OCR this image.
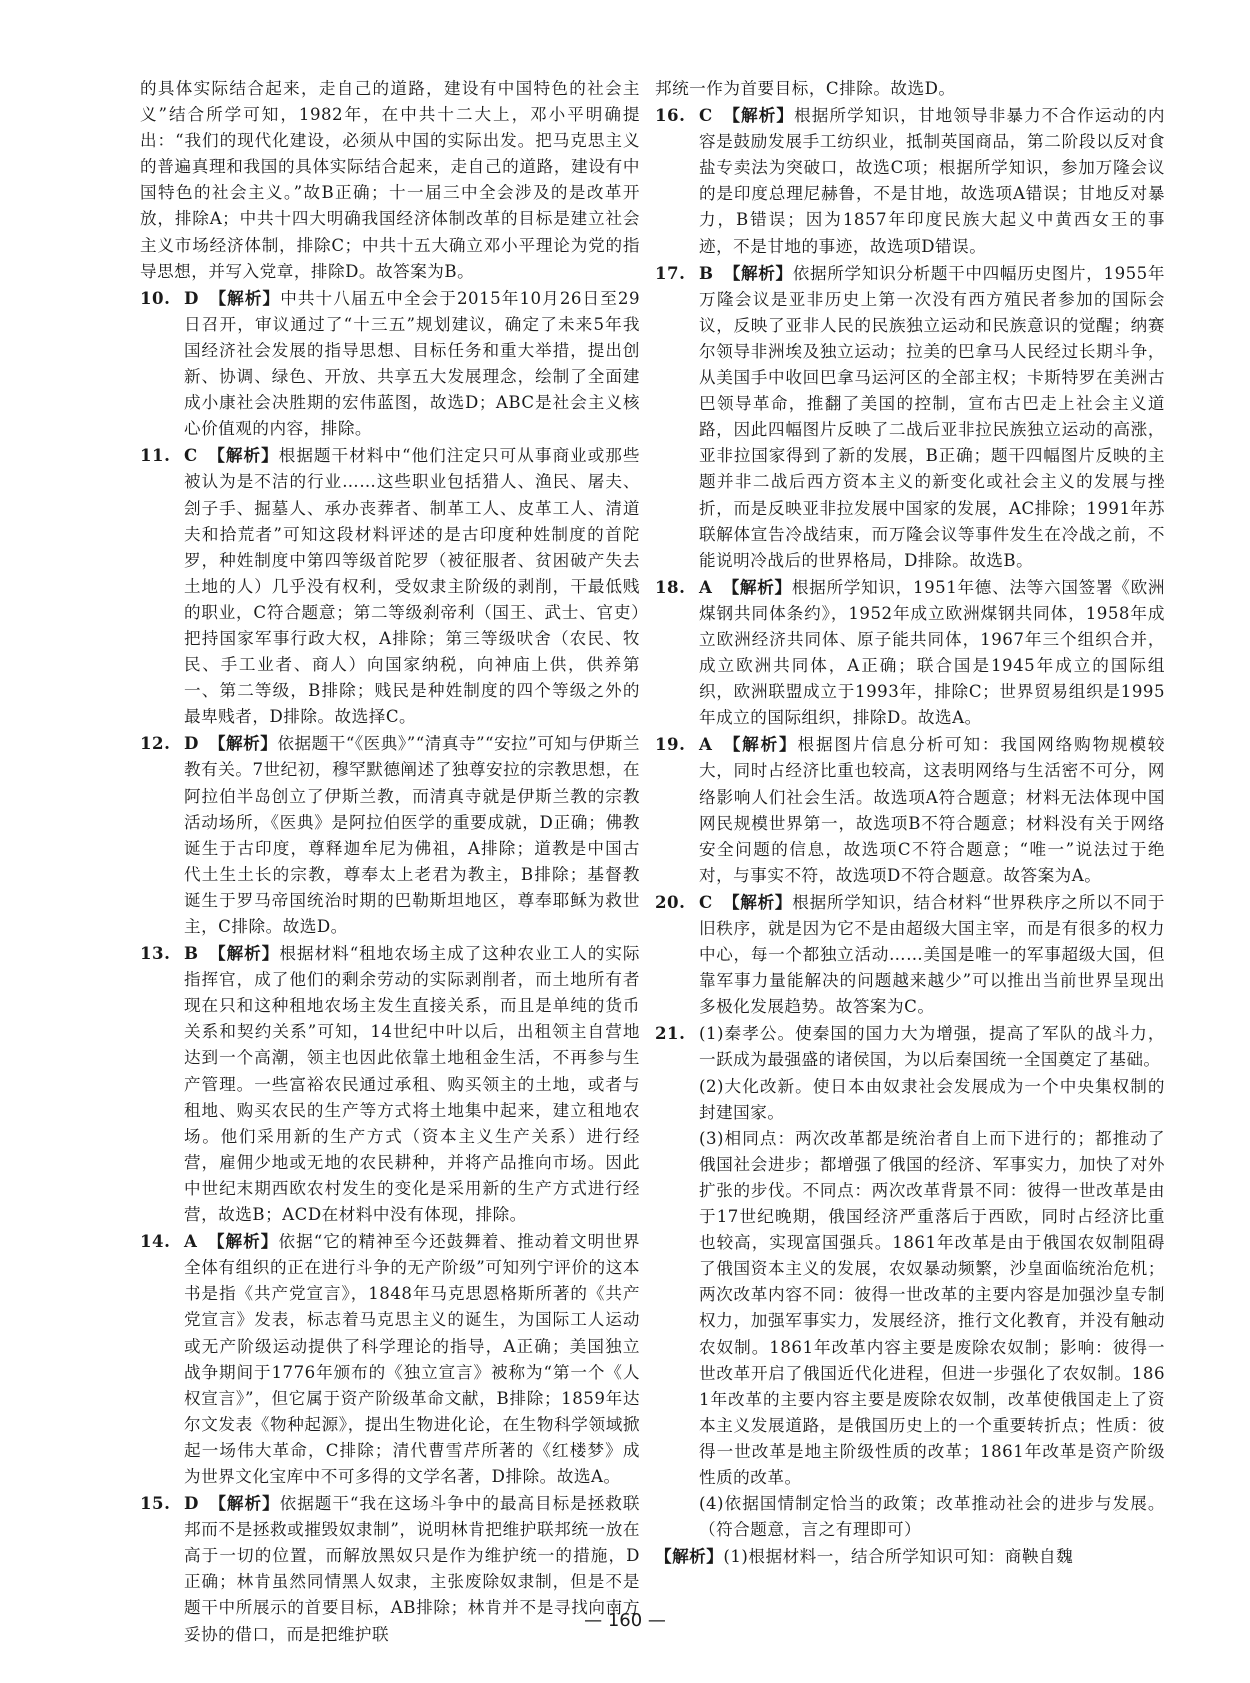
的具体实际结合起来，走自己的道路，建设有中国特色的社会主义”结合所学可知，1982年，在中共十二大上，邓小平明确提出：“我们的现代化建设，必须从中国的实际出发。把马克思主义的普遍真理和我国的具体实际结合起来，走自己的道路，建设有中国特色的社会主义。”故B正确；十一届三中全会涉及的是改革开放，排除A；中共十四大明确我国经济体制改革的目标是建立社会主义市场经济体制，排除C；中共十五大确立邓小平理论为党的指导思想，并写入党章，排除D。故答案为B。

10. D 【解析】中共十八届五中全会于2015年10月26日至29日召开，审议通过了“十三五”规划建议，确定了未来5年我国经济社会发展的指导思想、目标任务和重大举措，提出创新、协调、绿色、开放、共享五大发展理念，绘制了全面建成小康社会决胜期的宏伟蓝图，故选D；ABC是社会主义核心价值观的内容，排除。

11. C 【解析】根据题干材料中“他们注定只可从事商业或那些被认为是不洁的行业……这些职业包括猎人、渔民、屠夫、刽子手、掘墓人、承办丧葬者、制革工人、皮革工人、清道夫和拾荒者”可知这段材料评述的是古印度种姓制度的首陀罗，种姓制度中第四等级首陀罗（被征服者、贫困破产失去土地的人）几乎没有权利，受奴隶主阶级的剥削，干最低贱的职业，C符合题意；第二等级刹帝利（国王、武士、官吏）把持国家军事行政大权，A排除；第三等级吠舍（农民、牧民、手工业者、商人）向国家纳税，向神庙上供，供养第一、第二等级，B排除；贱民是种姓制度的四个等级之外的最卑贱者，D排除。故选择C。

12. D 【解析】依据题干“《医典》”“清真寺”“安拉”可知与伊斯兰教有关。7世纪初，穆罕默德阐述了独尊安拉的宗教思想，在阿拉伯半岛创立了伊斯兰教，而清真寺就是伊斯兰教的宗教活动场所，《医典》是阿拉伯医学的重要成就，D正确；佛教诞生于古印度，尊释迦牟尼为佛祖，A排除；道教是中国古代土生土长的宗教，尊奉太上老君为教主，B排除；基督教诞生于罗马帝国统治时期的巴勒斯坦地区，尊奉耶稣为救世主，C排除。故选D。

13. B 【解析】根据材料“租地农场主成了这种农业工人的实际指挥官，成了他们的剩余劳动的实际剥削者，而土地所有者现在只和这种租地农场主发生直接关系，而且是单纯的货币关系和契约关系”可知，14世纪中叶以后，出租领主自营地达到一个高潮，领主也因此依靠土地租金生活，不再参与生产管理。一些富裕农民通过承租、购买领主的土地，或者与租地、购买农民的生产等方式将土地集中起来，建立租地农场。他们采用新的生产方式（资本主义生产关系）进行经营，雇佣少地或无地的农民耕种，并将产品推向市场。因此中世纪末期西欧农村发生的变化是采用新的生产方式进行经营，故选B；ACD在材料中没有体现，排除。

14. A 【解析】依据“它的精神至今还鼓舞着、推动着文明世界全体有组织的正在进行斗争的无产阶级”可知列宁评价的这本书是指《共产党宣言》，1848年马克思恩格斯所著的《共产党宣言》发表，标志着马克思主义的诞生，为国际工人运动或无产阶级运动提供了科学理论的指导，A正确；美国独立战争期间于1776年颁布的《独立宣言》被称为“第一个《人权宣言》”，但它属于资产阶级革命文献，B排除；1859年达尔文发表《物种起源》，提出生物进化论，在生物科学领域掀起一场伟大革命，C排除；清代曹雪芹所著的《红楼梦》成为世界文化宝库中不可多得的文学名著，D排除。故选A。

15. D 【解析】依据题干“我在这场斗争中的最高目标是拯救联邦而不是拯救或摧毁奴隶制”，说明林肯把维护联邦统一放在高于一切的位置，而解放黑奴只是作为维护统一的措施，D正确；林肯虽然同情黑人奴隶，主张废除奴隶制，但是不是题干中所展示的首要目标，AB排除；林肯并不是寻找向南方妥协的借口，而是把维护联

邦统一作为首要目标，C排除。故选D。

16. C 【解析】根据所学知识，甘地领导非暴力不合作运动的内容是鼓励发展手工纺织业，抵制英国商品，第二阶段以反对食盐专卖法为突破口，故选C项；根据所学知识，参加万隆会议的是印度总理尼赫鲁，不是甘地，故选项A错误；甘地反对暴力，B错误；因为1857年印度民族大起义中黄西女王的事迹，不是甘地的事迹，故选项D错误。

17. B 【解析】依据所学知识分析题干中四幅历史图片，1955年万隆会议是亚非历史上第一次没有西方殖民者参加的国际会议，反映了亚非人民的民族独立运动和民族意识的觉醒；纳赛尔领导非洲埃及独立运动；拉美的巴拿马人民经过长期斗争，从美国手中收回巴拿马运河区的全部主权；卡斯特罗在美洲古巴领导革命，推翻了美国的控制，宣布古巴走上社会主义道路，因此四幅图片反映了二战后亚非拉民族独立运动的高涨，亚非拉国家得到了新的发展，B正确；题干四幅图片反映的主题并非二战后西方资本主义的新变化或社会主义的发展与挫折，而是反映亚非拉发展中国家的发展，AC排除；1991年苏联解体宣告冷战结束，而万隆会议等事件发生在冷战之前，不能说明冷战后的世界格局，D排除。故选B。

18. A 【解析】根据所学知识，1951年德、法等六国签署《欧洲煤钢共同体条约》，1952年成立欧洲煤钢共同体，1958年成立欧洲经济共同体、原子能共同体，1967年三个组织合并，成立欧洲共同体，A正确；联合国是1945年成立的国际组织，欧洲联盟成立于1993年，排除C；世界贸易组织是1995年成立的国际组织，排除D。故选A。

19. A 【解析】根据图片信息分析可知：我国网络购物规模较大，同时占经济比重也较高，这表明网络与生活密不可分，网络影响人们社会生活。故选项A符合题意；材料无法体现中国网民规模世界第一，故选项B不符合题意；材料没有关于网络安全问题的信息，故选项C不符合题意；“唯一”说法过于绝对，与事实不符，故选项D不符合题意。故答案为A。

20. C 【解析】根据所学知识，结合材料“世界秩序之所以不同于旧秩序，就是因为它不是由超级大国主宰，而是有很多的权力中心，每一个都独立活动……美国是唯一的军事超级大国，但靠军事力量能解决的问题越来越少”可以推出当前世界呈现出多极化发展趋势。故答案为C。

21. (1)秦孝公。使秦国的国力大为增强，提高了军队的战斗力，一跃成为最强盛的诸侯国，为以后秦国统一全国奠定了基础。

(2)大化改新。使日本由奴隶社会发展成为一个中央集权制的封建国家。

(3)相同点：两次改革都是统治者自上而下进行的；都推动了俄国社会进步；都增强了俄国的经济、军事实力，加快了对外扩张的步伐。不同点：两次改革背景不同：彼得一世改革是由于17世纪晚期，俄国经济严重落后于西欧，同时占经济比重也较高，实现富国强兵。1861年改革是由于俄国农奴制阻碍了俄国资本主义的发展，农奴暴动频繁，沙皇面临统治危机；两次改革内容不同：彼得一世改革的主要内容是加强沙皇专制权力，加强军事实力，发展经济，推行文化教育，并没有触动农奴制。1861年改革内容主要是废除农奴制；影响：彼得一世改革开启了俄国近代化进程，但进一步强化了农奴制。1861年改革的主要内容主要是废除农奴制，改革使俄国走上了资本主义发展道路，是俄国历史上的一个重要转折点；性质：彼得一世改革是地主阶级性质的改革；1861年改革是资产阶级性质的改革。

(4)依据国情制定恰当的政策；改革推动社会的进步与发展。（符合题意，言之有理即可）

【解析】(1)根据材料一，结合所学知识可知：商鞅自魏

— 160 —
